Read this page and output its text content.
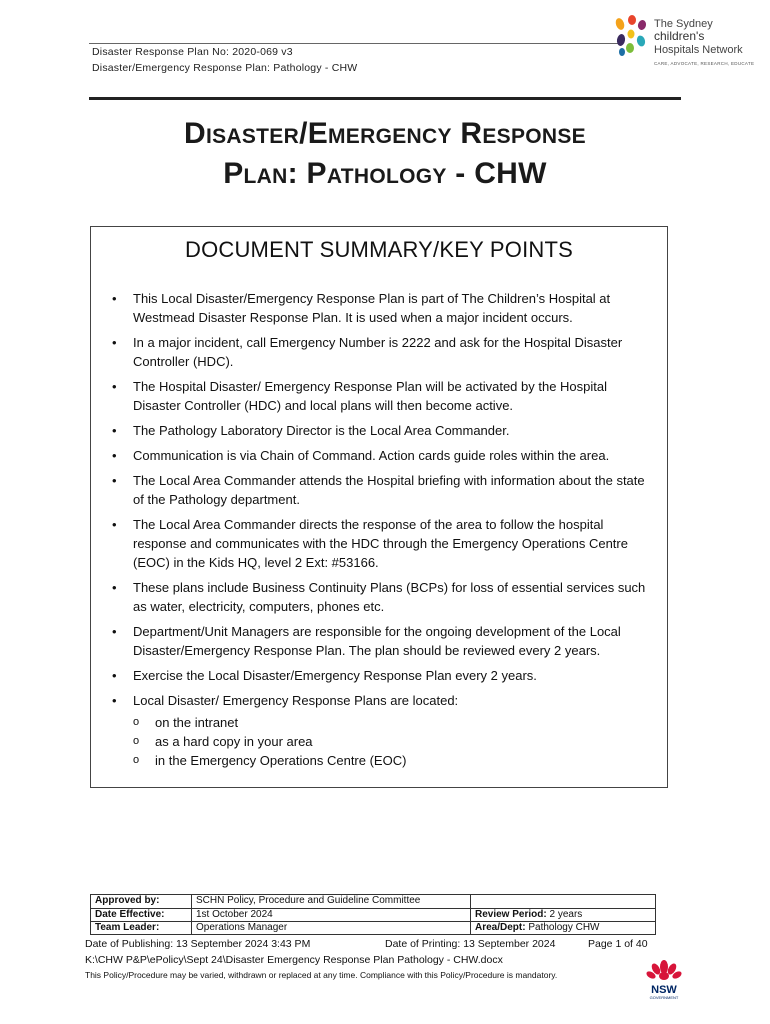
Disaster Response Plan No: 2020-069 v3
Disaster/Emergency Response Plan: Pathology - CHW
The Sydney
children's
Hospitals Network
CARE, ADVOCATE, RESEARCH, EDUCATE
Disaster/Emergency Response
Plan: Pathology - CHW
DOCUMENT SUMMARY/KEY POINTS
• This Local Disaster/Emergency Response Plan is part of The Children’s Hospital at Westmead Disaster Response Plan. It is used when a major incident occurs.
• In a major incident, call Emergency Number is 2222 and ask for the Hospital Disaster Controller (HDC).
• The Hospital Disaster/ Emergency Response Plan will be activated by the Hospital Disaster Controller (HDC) and local plans will then become active.
• The Pathology Laboratory Director is the Local Area Commander.
• Communication is via Chain of Command. Action cards guide roles within the area.
• The Local Area Commander attends the Hospital briefing with information about the state of the Pathology department.
• The Local Area Commander directs the response of the area to follow the hospital response and communicates with the HDC through the Emergency Operations Centre (EOC) in the Kids HQ, level 2 Ext: #53166.
• These plans include Business Continuity Plans (BCPs) for loss of essential services such as water, electricity, computers, phones etc.
• Department/Unit Managers are responsible for the ongoing development of the Local Disaster/Emergency Response Plan. The plan should be reviewed every 2 years.
• Exercise the Local Disaster/Emergency Response Plan every 2 years.
• Local Disaster/ Emergency Response Plans are located:
o on the intranet
o as a hard copy in your area
o in the Emergency Operations Centre (EOC)
Approved by:	SCHN Policy, Procedure and Guideline Committee	
Date Effective:	1st October 2024	Review Period: 2 years
Team Leader:	Operations Manager	Area/Dept: Pathology CHW
Date of Publishing: 13 September 2024 3:43 PM	Date of Printing: 13 September 2024	Page 1 of 40
K:\CHW P&P\ePolicy\Sept 24\Disaster Emergency Response Plan Pathology - CHW.docx
This Policy/Procedure may be varied, withdrawn or replaced at any time. Compliance with this Policy/Procedure is mandatory.
NSW
GOVERNMENT
